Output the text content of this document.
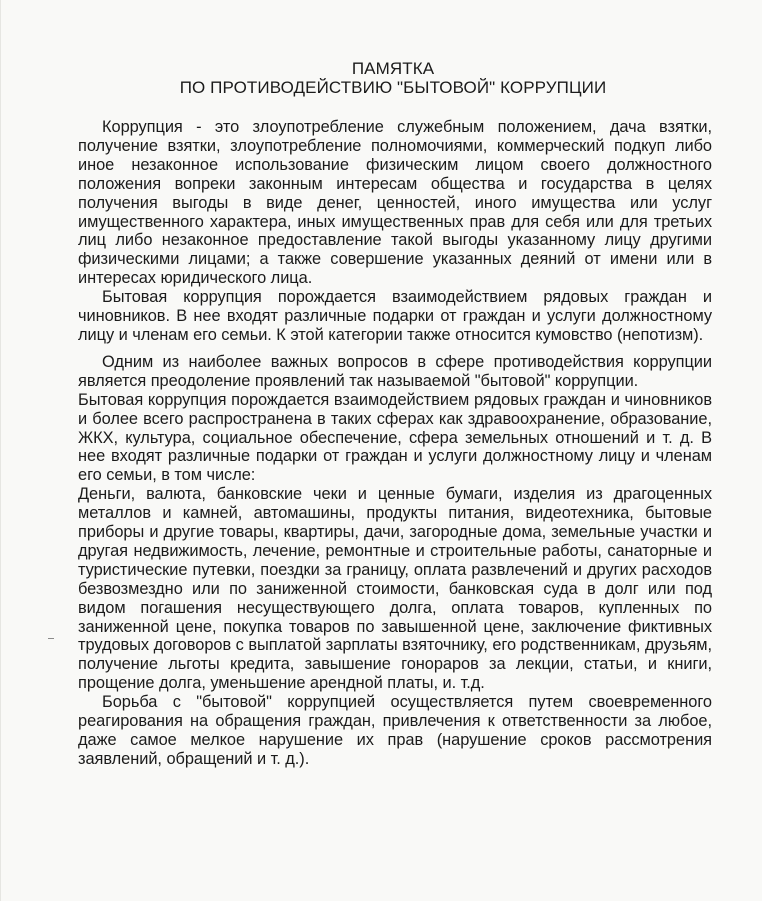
ПАМЯТКА
ПО ПРОТИВОДЕЙСТВИЮ "БЫТОВОЙ" КОРРУПЦИИ

Коррупция - это злоупотребление служебным положением, дача взятки, получение взятки, злоупотребление полномочиями, коммерческий подкуп либо иное незаконное использование физическим лицом своего должностного положения вопреки законным интересам общества и государства в целях получения выгоды в виде денег, ценностей, иного имущества или услуг имущественного характера, иных имущественных прав для себя или для третьих лиц либо незаконное предоставление такой выгоды указанному лицу другими физическими лицами; а также совершение указанных деяний от имени или в интересах юридического лица.

Бытовая коррупция порождается взаимодействием рядовых граждан и чиновников. В нее входят различные подарки от граждан и услуги должностному лицу и членам его семьи. К этой категории также относится кумовство (непотизм).

Одним из наиболее важных вопросов в сфере противодействия коррупции является преодоление проявлений так называемой "бытовой" коррупции.

Бытовая коррупция порождается взаимодействием рядовых граждан и чиновников и более всего распространена в таких сферах как здравоохранение, образование, ЖКХ, культура, социальное обеспечение, сфера земельных отношений и т. д. В нее входят различные подарки от граждан и услуги должностному лицу и членам его семьи, в том числе:

Деньги, валюта, банковские чеки и ценные бумаги, изделия из драгоценных металлов и камней, автомашины, продукты питания, видеотехника, бытовые приборы и другие товары, квартиры, дачи, загородные дома, земельные участки и другая недвижимость, лечение, ремонтные и строительные работы, санаторные и туристические путевки, поездки за границу, оплата развлечений и других расходов безвозмездно или по заниженной стоимости, банковская суда в долг или под видом погашения несуществующего долга, оплата товаров, купленных по заниженной цене, покупка товаров по завышенной цене, заключение фиктивных трудовых договоров с выплатой зарплаты взяточнику, его родственникам, друзьям, получение льготы кредита, завышение гонораров за лекции, статьи, и книги, прощение долга, уменьшение арендной платы, и. т.д.

Борьба с "бытовой" коррупцией осуществляется путем своевременного реагирования на обращения граждан, привлечения к ответственности за любое, даже самое мелкое нарушение их прав (нарушение сроков рассмотрения заявлений, обращений и т. д.).
